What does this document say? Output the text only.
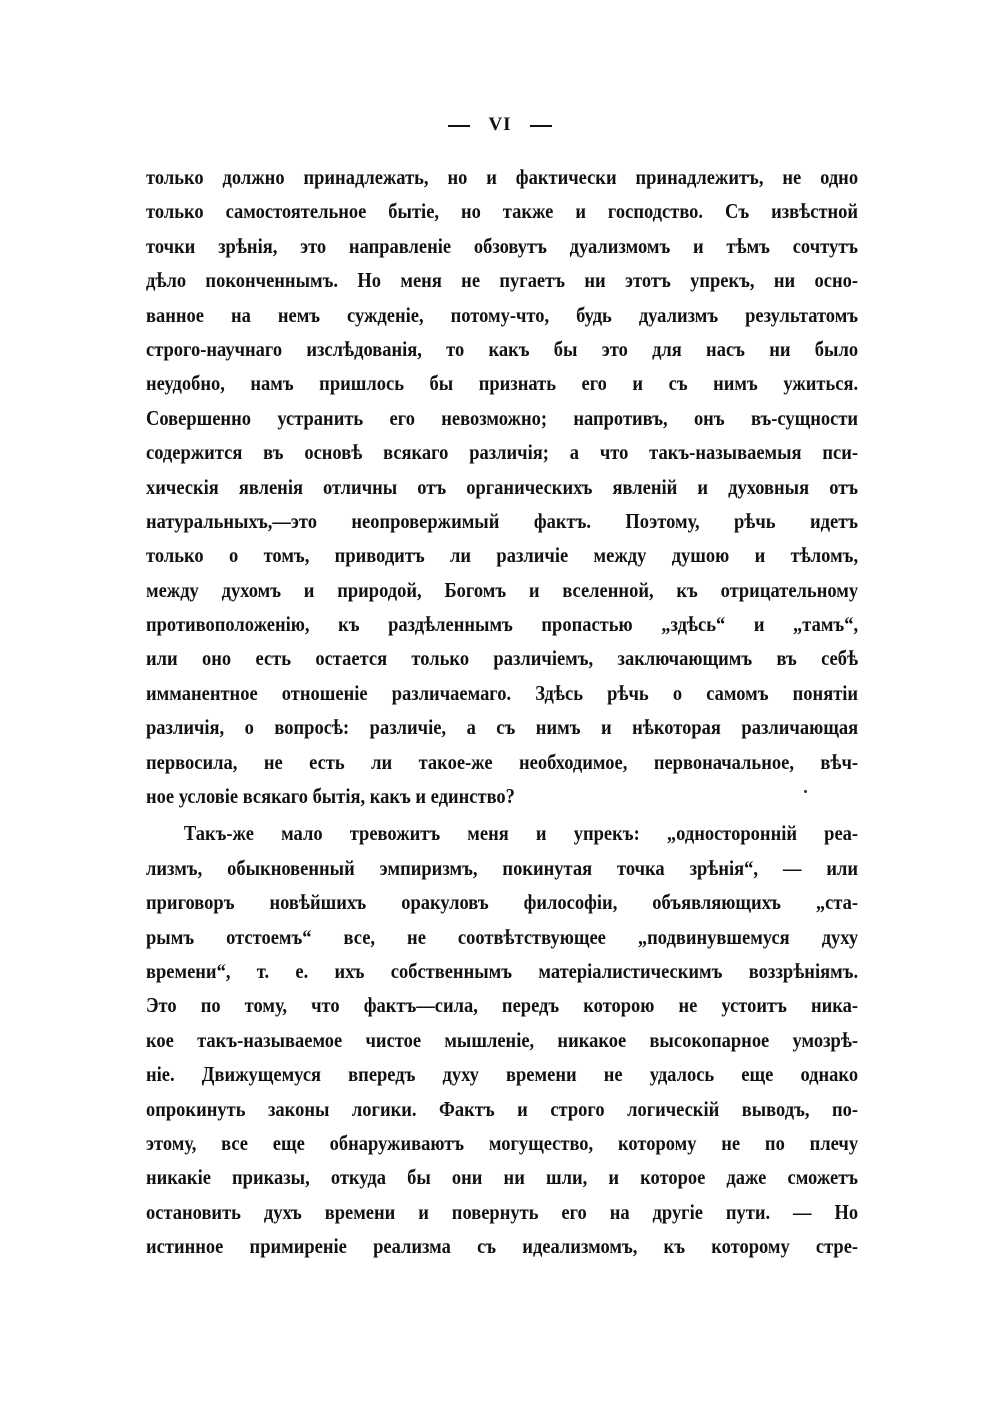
VI
только должно принадлежать, но и фактически принадлежитъ, не одно
только самостоятельное бытіе, но также и господство. Съ извѣстной
точки зрѣнія, это направленіе обзовутъ дуализмомъ и тѣмъ сочтутъ
дѣло поконченнымъ. Но меня не пугаетъ ни этотъ упрекъ, ни осно-
ванное на немъ сужденіе, потому-что, будь дуализмъ результатомъ
строго-научнаго изслѣдованія, то какъ бы это для насъ ни было
неудобно, намъ пришлось бы признать его и съ нимъ ужиться.
Совершенно устранить его невозможно; напротивъ, онъ въ-сущности
содержится въ основѣ всякаго различія; а что такъ-называемыя пси-
хическія явленія отличны отъ органическихъ явленій и духовныя отъ
натуральныхъ,—это неопровержимый фактъ. Поэтому, рѣчь идетъ
только о томъ, приводитъ ли различіе между душою и тѣломъ,
между духомъ и природой, Богомъ и вселенной, къ отрицательному
противоположенію, къ раздѣленнымъ пропастью „здѣсь“ и „тамъ“,
или оно есть остается только различіемъ, заключающимъ въ себѣ
имманентное отношеніе различаемаго. Здѣсь рѣчь о самомъ понятіи
различія, о вопросѣ: различіе, а съ нимъ и нѣкоторая различающая
первосила, не есть ли такое-же необходимое, первоначальное, вѣч-
ное условіе всякаго бытія, какъ и единство?
Такъ-же мало тревожитъ меня и упрекъ: „односторонній реа-
лизмъ, обыкновенный эмпиризмъ, покинутая точка зрѣнія“, — или
приговоръ новѣйшихъ оракуловъ философіи, объявляющихъ „ста-
рымъ отстоемъ“ все, не соотвѣтствующее „подвинувшемуся духу
времени“, т. е. ихъ собственнымъ матеріалистическимъ воззрѣніямъ.
Это по тому, что фактъ—сила, передъ которою не устоитъ ника-
кое такъ-называемое чистое мышленіе, никакое высокопарное умозрѣ-
ніе. Движущемуся впередъ духу времени не удалось еще однако
опрокинуть законы логики. Фактъ и строго логическій выводъ, по-
этому, все еще обнаруживаютъ могущество, которому не по плечу
никакіе приказы, откуда бы они ни шли, и которое даже сможетъ
остановить духъ времени и повернуть его на другіе пути. — Но
истинное примиреніе реализма съ идеализмомъ, къ которому стре-
